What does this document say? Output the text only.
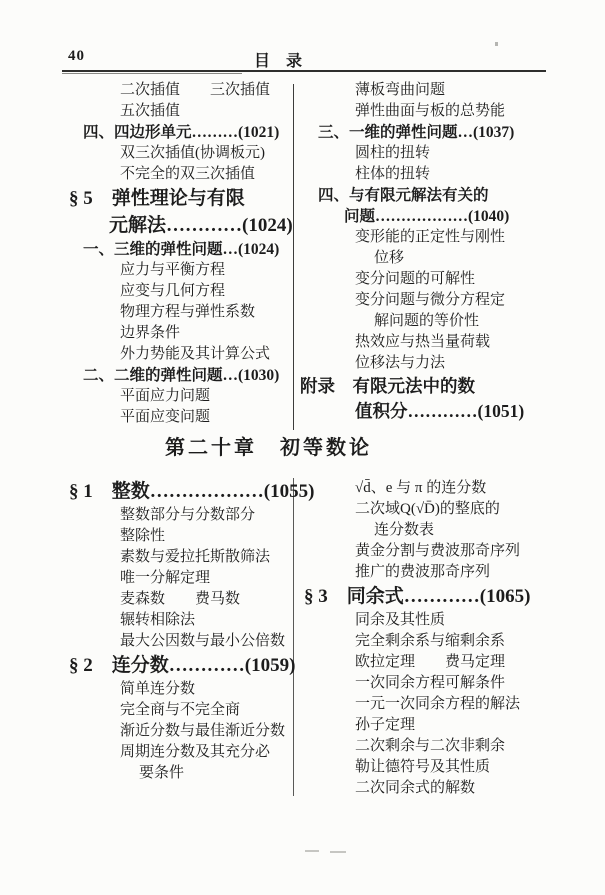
40	目　录
二次插值　　三次插值
五次插值
四、四边形单元………(1021)
双三次插值(协调板元)
不完全的双三次插值
§ 5　弹性理论与有限
元解法…………(1024)
一、三维的弹性问题…(1024)
应力与平衡方程
应变与几何方程
物理方程与弹性系数
边界条件
外力势能及其计算公式
二、二维的弹性问题…(1030)
平面应力问题
平面应变问题
薄板弯曲问题
弹性曲面与板的总势能
三、一维的弹性问题…(1037)
圆柱的扭转
柱体的扭转
四、与有限元解法有关的
问题………………(1040)
变形能的正定性与刚性
位移
变分问题的可解性
变分问题与微分方程定
解问题的等价性
热效应与热当量荷载
位移法与力法
附录　有限元法中的数
值积分…………(1051)
第二十章　初等数论
§ 1　整数………………(1055)
整数部分与分数部分
整除性
素数与爱拉托斯散筛法
唯一分解定理
麦森数　　费马数
辗转相除法
最大公因数与最小公倍数
§ 2　连分数…………(1059)
简单连分数
完全商与不完全商
渐近分数与最佳渐近分数
周期连分数及其充分必
要条件
√d̄、e 与 π 的连分数
二次域Q(√D̄)的整底的
连分数表
黄金分割与费波那奇序列
推广的费波那奇序列
§ 3　同余式…………(1065)
同余及其性质
完全剩余系与缩剩余系
欧拉定理　　费马定理
一次同余方程可解条件
一元一次同余方程的解法
孙子定理
二次剩余与二次非剩余
勒让德符号及其性质
二次同余式的解数
